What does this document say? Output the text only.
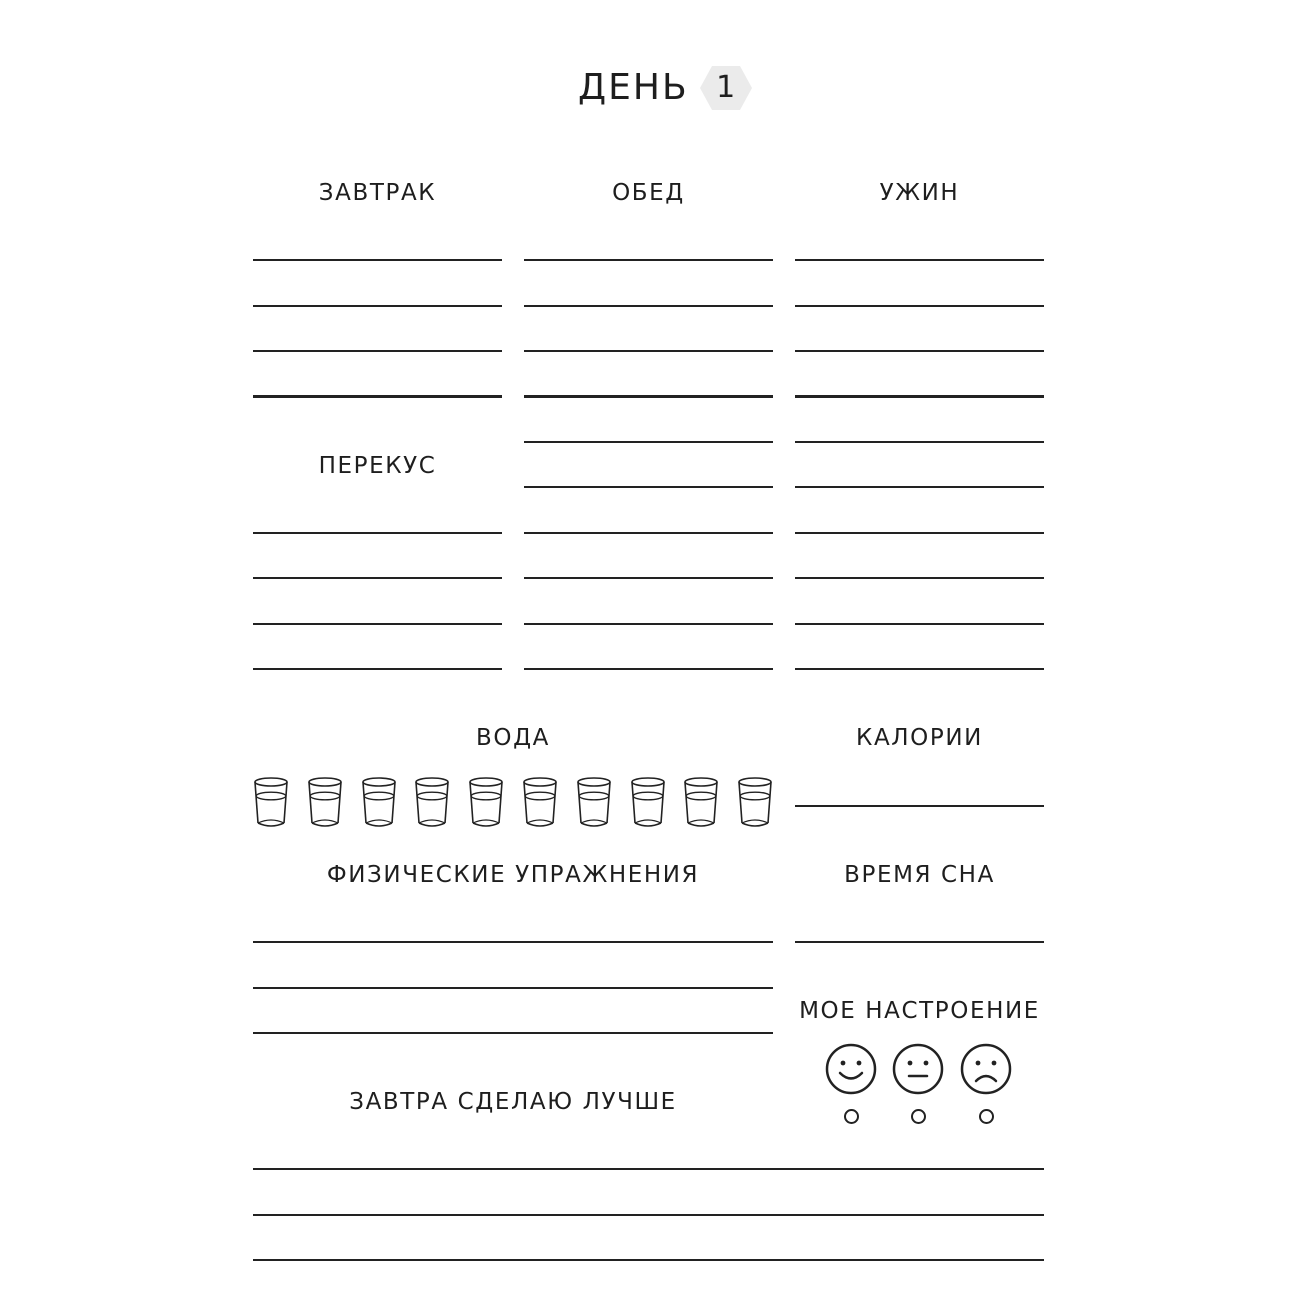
ДЕНЬ 1
ЗАВТРАК	ОБЕД	УЖИН
ПЕРЕКУС
ВОДА	КАЛОРИИ
ФИЗИЧЕСКИЕ УПРАЖНЕНИЯ	ВРЕМЯ СНА
МОЕ НАСТРОЕНИЕ
ЗАВТРА СДЕЛАЮ ЛУЧШЕ
